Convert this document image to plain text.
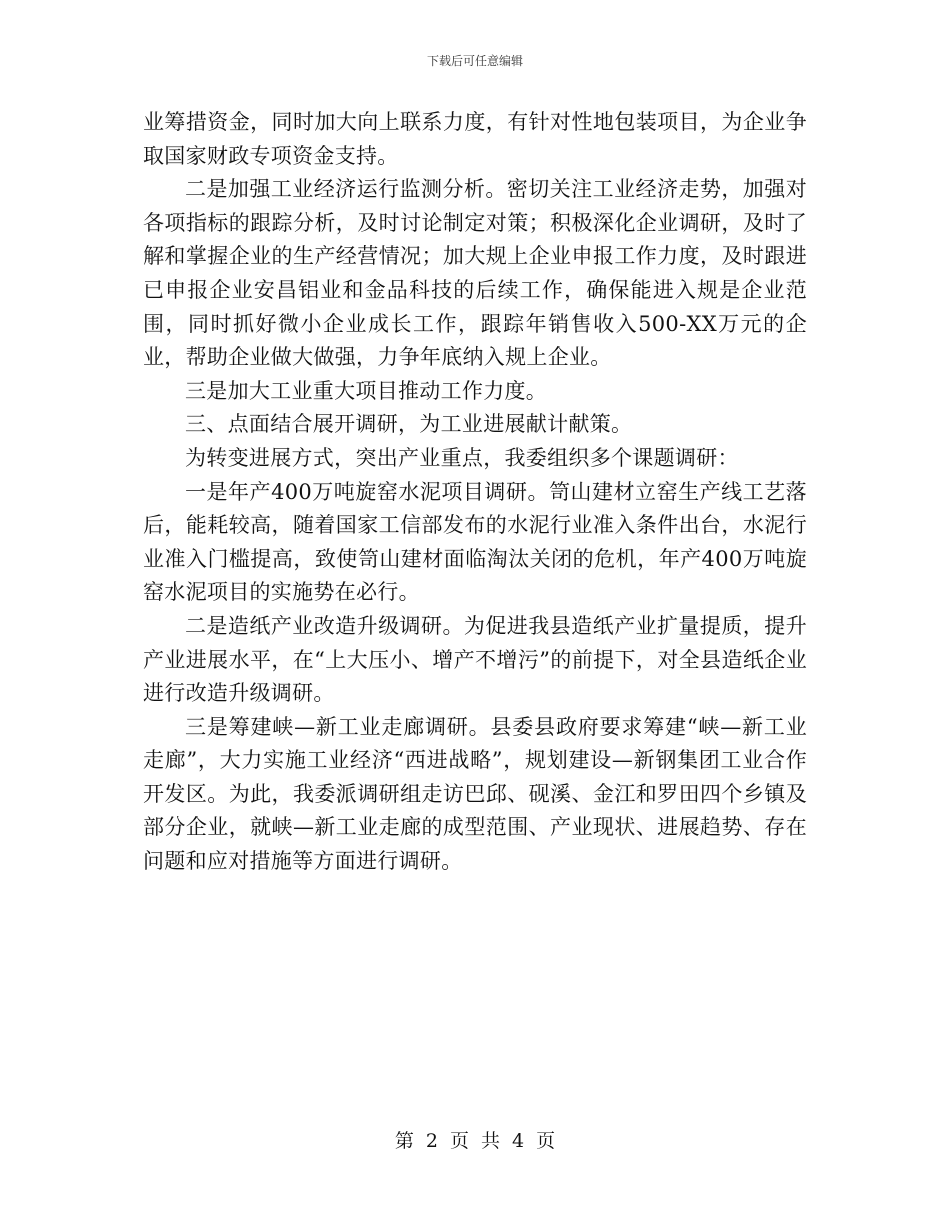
下载后可任意编辑

业筹措资金，同时加大向上联系力度，有针对性地包装项目，为企业争取国家财政专项资金支持。

二是加强工业经济运行监测分析。密切关注工业经济走势，加强对各项指标的跟踪分析，及时讨论制定对策；积极深化企业调研，及时了解和掌握企业的生产经营情况；加大规上企业申报工作力度，及时跟进已申报企业安昌铝业和金品科技的后续工作，确保能进入规是企业范围，同时抓好微小企业成长工作，跟踪年销售收入500-XX万元的企业，帮助企业做大做强，力争年底纳入规上企业。

三是加大工业重大项目推动工作力度。

三、点面结合展开调研，为工业进展献计献策。

为转变进展方式，突出产业重点，我委组织多个课题调研：

一是年产400万吨旋窑水泥项目调研。笥山建材立窑生产线工艺落后，能耗较高，随着国家工信部发布的水泥行业准入条件出台，水泥行业准入门槛提高，致使笥山建材面临淘汰关闭的危机，年产400万吨旋窑水泥项目的实施势在必行。

二是造纸产业改造升级调研。为促进我县造纸产业扩量提质，提升产业进展水平，在“上大压小、增产不增污”的前提下，对全县造纸企业进行改造升级调研。

三是筹建峡—新工业走廊调研。县委县政府要求筹建“峡—新工业走廊”，大力实施工业经济“西进战略”，规划建设—新钢集团工业合作开发区。为此，我委派调研组走访巴邱、砚溪、金江和罗田四个乡镇及部分企业，就峡—新工业走廊的成型范围、产业现状、进展趋势、存在问题和应对措施等方面进行调研。

第 2 页 共 4 页
